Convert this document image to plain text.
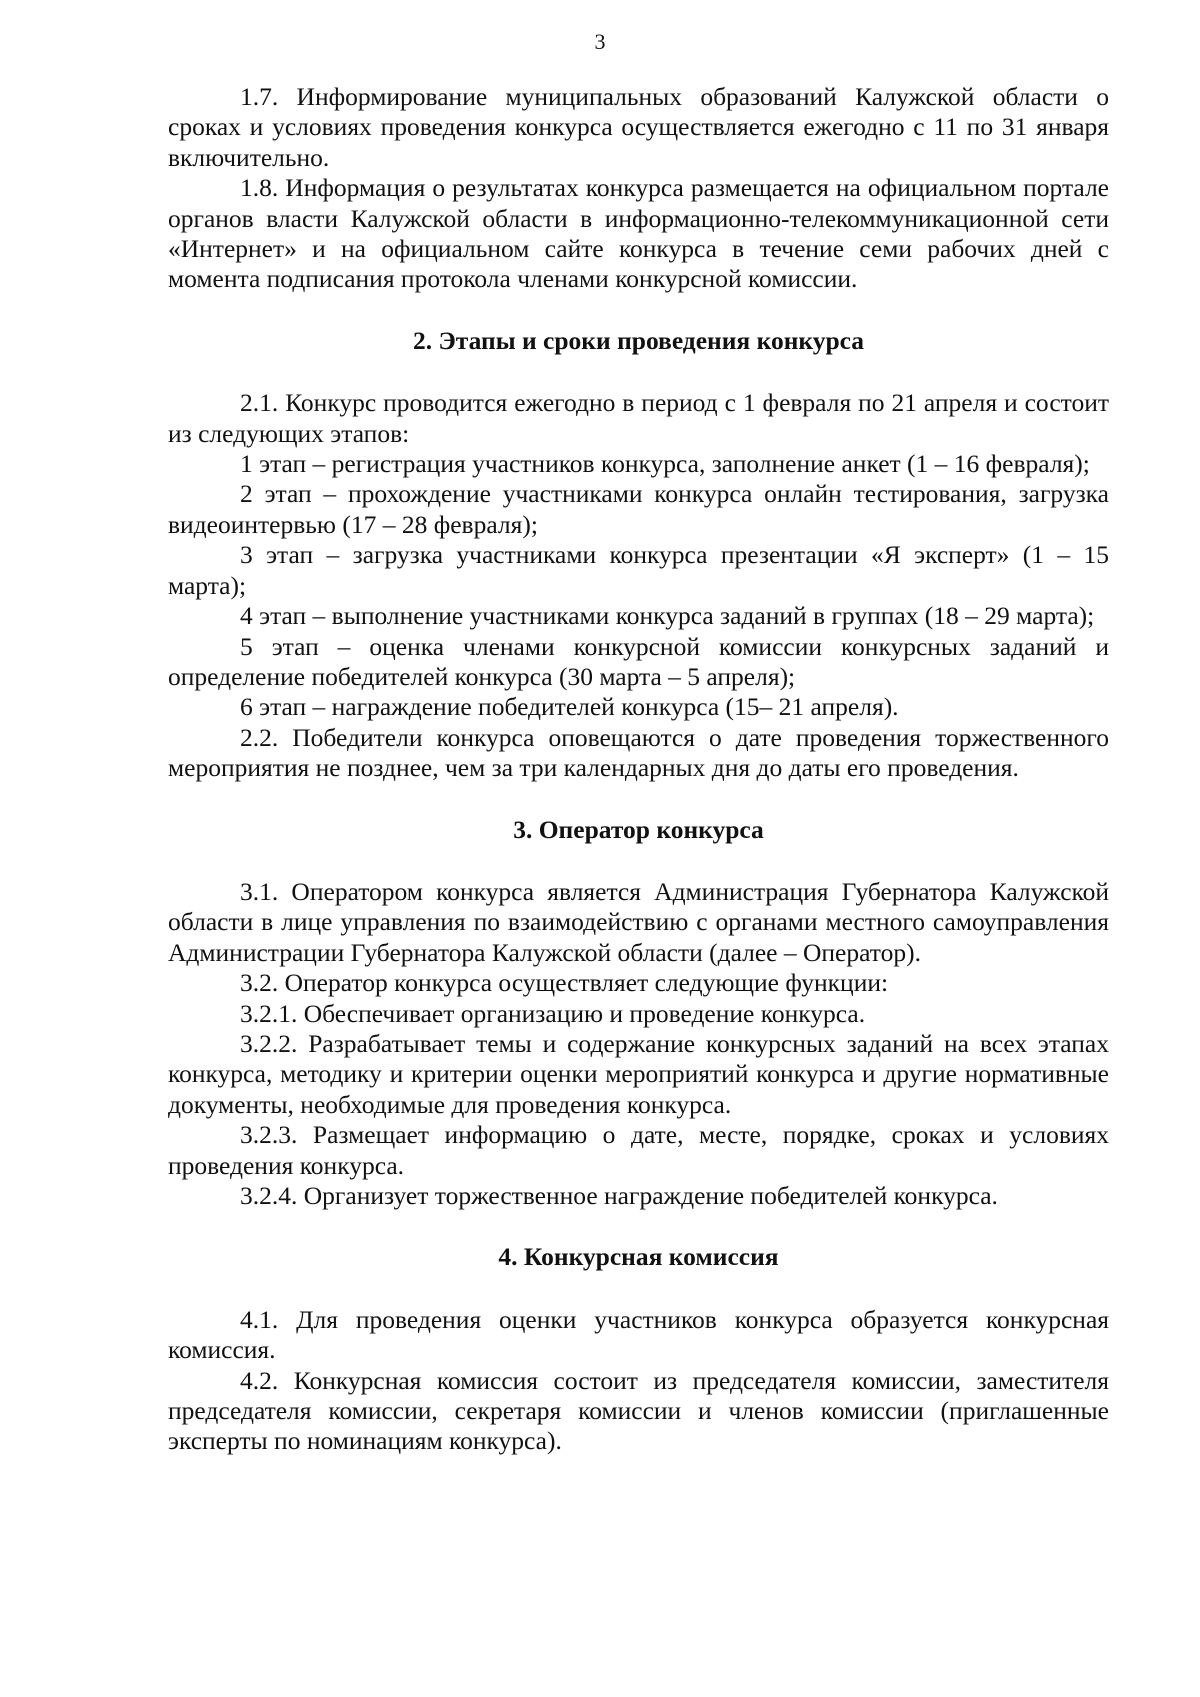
3

1.7. Информирование муниципальных образований Калужской области о сроках и условиях проведения конкурса осуществляется ежегодно с 11 по 31 января включительно.

1.8. Информация о результатах конкурса размещается на официальном портале органов власти Калужской области в информационно-телекоммуникационной сети «Интернет» и на официальном сайте конкурса в течение семи рабочих дней с момента подписания протокола членами конкурсной комиссии.

2. Этапы и сроки проведения конкурса

2.1. Конкурс проводится ежегодно в период с 1 февраля по 21 апреля и состоит из следующих этапов:

1 этап – регистрация участников конкурса, заполнение анкет (1 – 16 февраля);

2 этап – прохождение участниками конкурса онлайн тестирования, загрузка видеоинтервью (17 – 28 февраля);

3 этап – загрузка участниками конкурса презентации «Я эксперт» (1 – 15 марта);

4 этап – выполнение участниками конкурса заданий в группах (18 – 29 марта);

5 этап – оценка членами конкурсной комиссии конкурсных заданий и определение победителей конкурса (30 марта – 5 апреля);

6 этап – награждение победителей конкурса (15– 21 апреля).

2.2. Победители конкурса оповещаются о дате проведения торжественного мероприятия не позднее, чем за три календарных дня до даты его проведения.

3. Оператор конкурса

3.1. Оператором конкурса является Администрация Губернатора Калужской области в лице управления по взаимодействию с органами местного самоуправления Администрации Губернатора Калужской области (далее – Оператор).

3.2. Оператор конкурса осуществляет следующие функции:

3.2.1. Обеспечивает организацию и проведение конкурса.

3.2.2. Разрабатывает темы и содержание конкурсных заданий на всех этапах конкурса, методику и критерии оценки мероприятий конкурса и другие нормативные документы, необходимые для проведения конкурса.

3.2.3. Размещает информацию о дате, месте, порядке, сроках и условиях проведения конкурса.

3.2.4. Организует торжественное награждение победителей конкурса.

4. Конкурсная комиссия

4.1. Для проведения оценки участников конкурса образуется конкурсная комиссия.

4.2. Конкурсная комиссия состоит из председателя комиссии, заместителя председателя комиссии, секретаря комиссии и членов комиссии (приглашенные эксперты по номинациям конкурса).
